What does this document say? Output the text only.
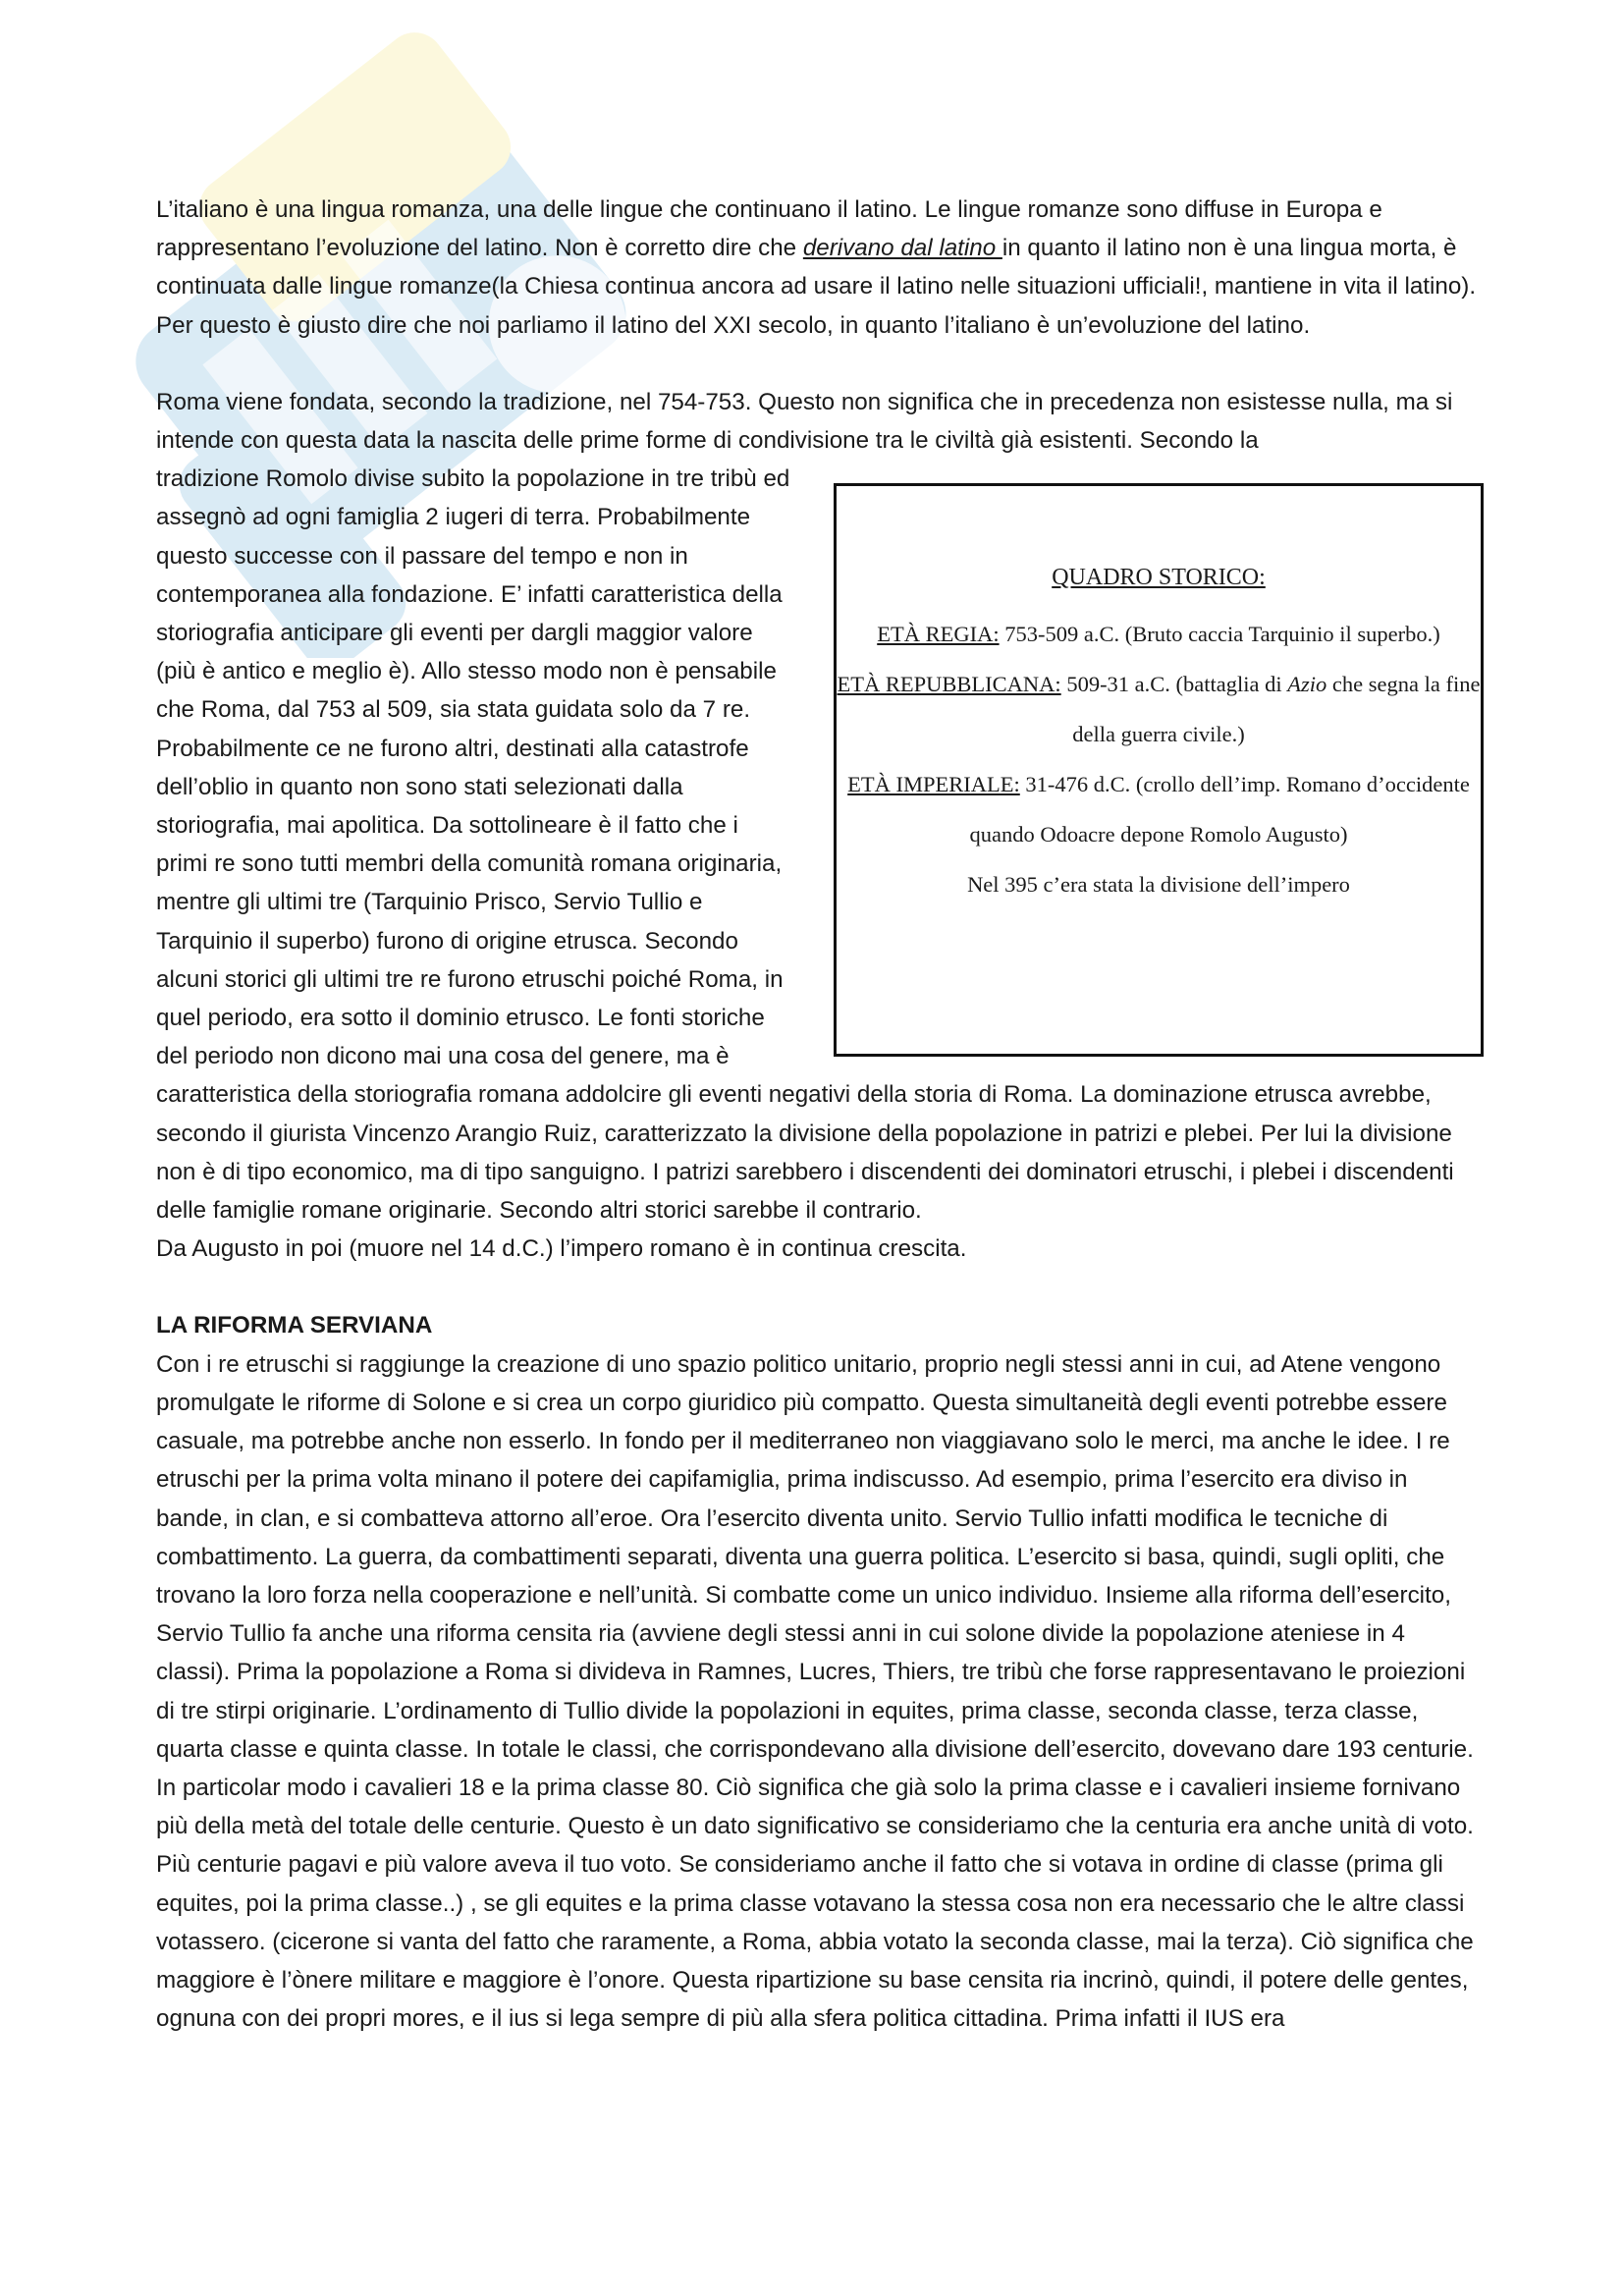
L’italiano è una lingua romanza, una delle lingue che continuano il latino. Le lingue romanze sono diffuse in Europa e rappresentano l’evoluzione del latino. Non è corretto dire che derivano dal latino in quanto il latino non è una lingua morta, è continuata dalle lingue romanze(la Chiesa continua ancora ad usare il latino nelle situazioni ufficiali!, mantiene in vita il latino). Per questo è giusto dire che noi parliamo il latino del XXI secolo, in quanto l’italiano è un’evoluzione del latino.

Roma viene fondata, secondo la tradizione, nel 754-753. Questo non significa che in precedenza non esistesse nulla, ma si intende con questa data la nascita delle prime forme di condivisione tra le civiltà già esistenti. Secondo la

QUADRO STORICO:
ETÀ REGIA: 753-509 a.C. (Bruto caccia Tarquinio il superbo.)
ETÀ REPUBBLICANA: 509-31 a.C. (battaglia di Azio che segna la fine della guerra civile.)
ETÀ IMPERIALE: 31-476 d.C. (crollo dell’imp. Romano d’occidente quando Odoacre depone Romolo Augusto)
Nel 395 c’era stata la divisione dell’impero

tradizione Romolo divise subito la popolazione in tre tribù ed assegnò ad ogni famiglia 2 iugeri di terra. Probabilmente questo successe con il passare del tempo e non in contemporanea alla fondazione. E’ infatti caratteristica della storiografia anticipare gli eventi per dargli maggior valore (più è antico e meglio è). Allo stesso modo non è pensabile che Roma, dal 753 al 509, sia stata guidata solo da 7 re. Probabilmente ce ne furono altri, destinati alla catastrofe dell’oblio in quanto non sono stati selezionati dalla storiografia, mai apolitica. Da sottolineare è il fatto che i primi re sono tutti membri della comunità romana originaria, mentre gli ultimi tre (Tarquinio Prisco, Servio Tullio e Tarquinio il superbo) furono di origine etrusca. Secondo alcuni storici gli ultimi tre re furono etruschi poiché Roma, in quel periodo, era sotto il dominio etrusco. Le fonti storiche del periodo non dicono mai una cosa del genere, ma è caratteristica della storiografia romana addolcire gli eventi negativi della storia di Roma. La dominazione etrusca avrebbe, secondo il giurista Vincenzo Arangio Ruiz, caratterizzato la divisione della popolazione in patrizi e plebei. Per lui la divisione non è di tipo economico, ma di tipo sanguigno. I patrizi sarebbero i discendenti dei dominatori etruschi, i plebei i discendenti delle famiglie romane originarie. Secondo altri storici sarebbe il contrario.

Da Augusto in poi (muore nel 14 d.C.) l’impero romano è in continua crescita.

LA RIFORMA SERVIANA

Con i re etruschi si raggiunge la creazione di uno spazio politico unitario, proprio negli stessi anni in cui, ad Atene vengono promulgate le riforme di Solone e si crea un corpo giuridico più compatto. Questa simultaneità degli eventi potrebbe essere casuale, ma potrebbe anche non esserlo. In fondo per il mediterraneo non viaggiavano solo le merci, ma anche le idee. I re etruschi per la prima volta minano il potere dei capifamiglia, prima indiscusso. Ad esempio, prima l’esercito era diviso in bande, in clan, e si combatteva attorno all’eroe. Ora l’esercito diventa unito. Servio Tullio infatti modifica le tecniche di combattimento. La guerra, da combattimenti separati, diventa una guerra politica. L’esercito si basa, quindi, sugli opliti, che trovano la loro forza nella cooperazione e nell’unità. Si combatte come un unico individuo. Insieme alla riforma dell’esercito, Servio Tullio fa anche una riforma censita ria (avviene degli stessi anni in cui solone divide la popolazione ateniese in 4 classi). Prima la popolazione a Roma si divideva in Ramnes, Lucres, Thiers, tre tribù che forse rappresentavano le proiezioni di tre stirpi originarie. L’ordinamento di Tullio divide la popolazioni in equites, prima classe, seconda classe, terza classe, quarta classe e quinta classe. In totale le classi, che corrispondevano alla divisione dell’esercito, dovevano dare 193 centurie. In particolar modo i cavalieri 18 e la prima classe 80. Ciò significa che già solo la prima classe e i cavalieri insieme fornivano più della metà del totale delle centurie. Questo è un dato significativo se consideriamo che la centuria era anche unità di voto. Più centurie pagavi e più valore aveva il tuo voto. Se consideriamo anche il fatto che si votava in ordine di classe (prima gli equites, poi la prima classe..) , se gli equites e la prima classe votavano la stessa cosa non era necessario che le altre classi votassero. (cicerone si vanta del fatto che raramente, a Roma, abbia votato la seconda classe, mai la terza). Ciò significa che maggiore è l’ònere militare e maggiore è l’onore. Questa ripartizione su base censita ria incrinò, quindi, il potere delle gentes, ognuna con dei propri mores, e il ius si lega sempre di più alla sfera politica cittadina. Prima infatti il IUS era
